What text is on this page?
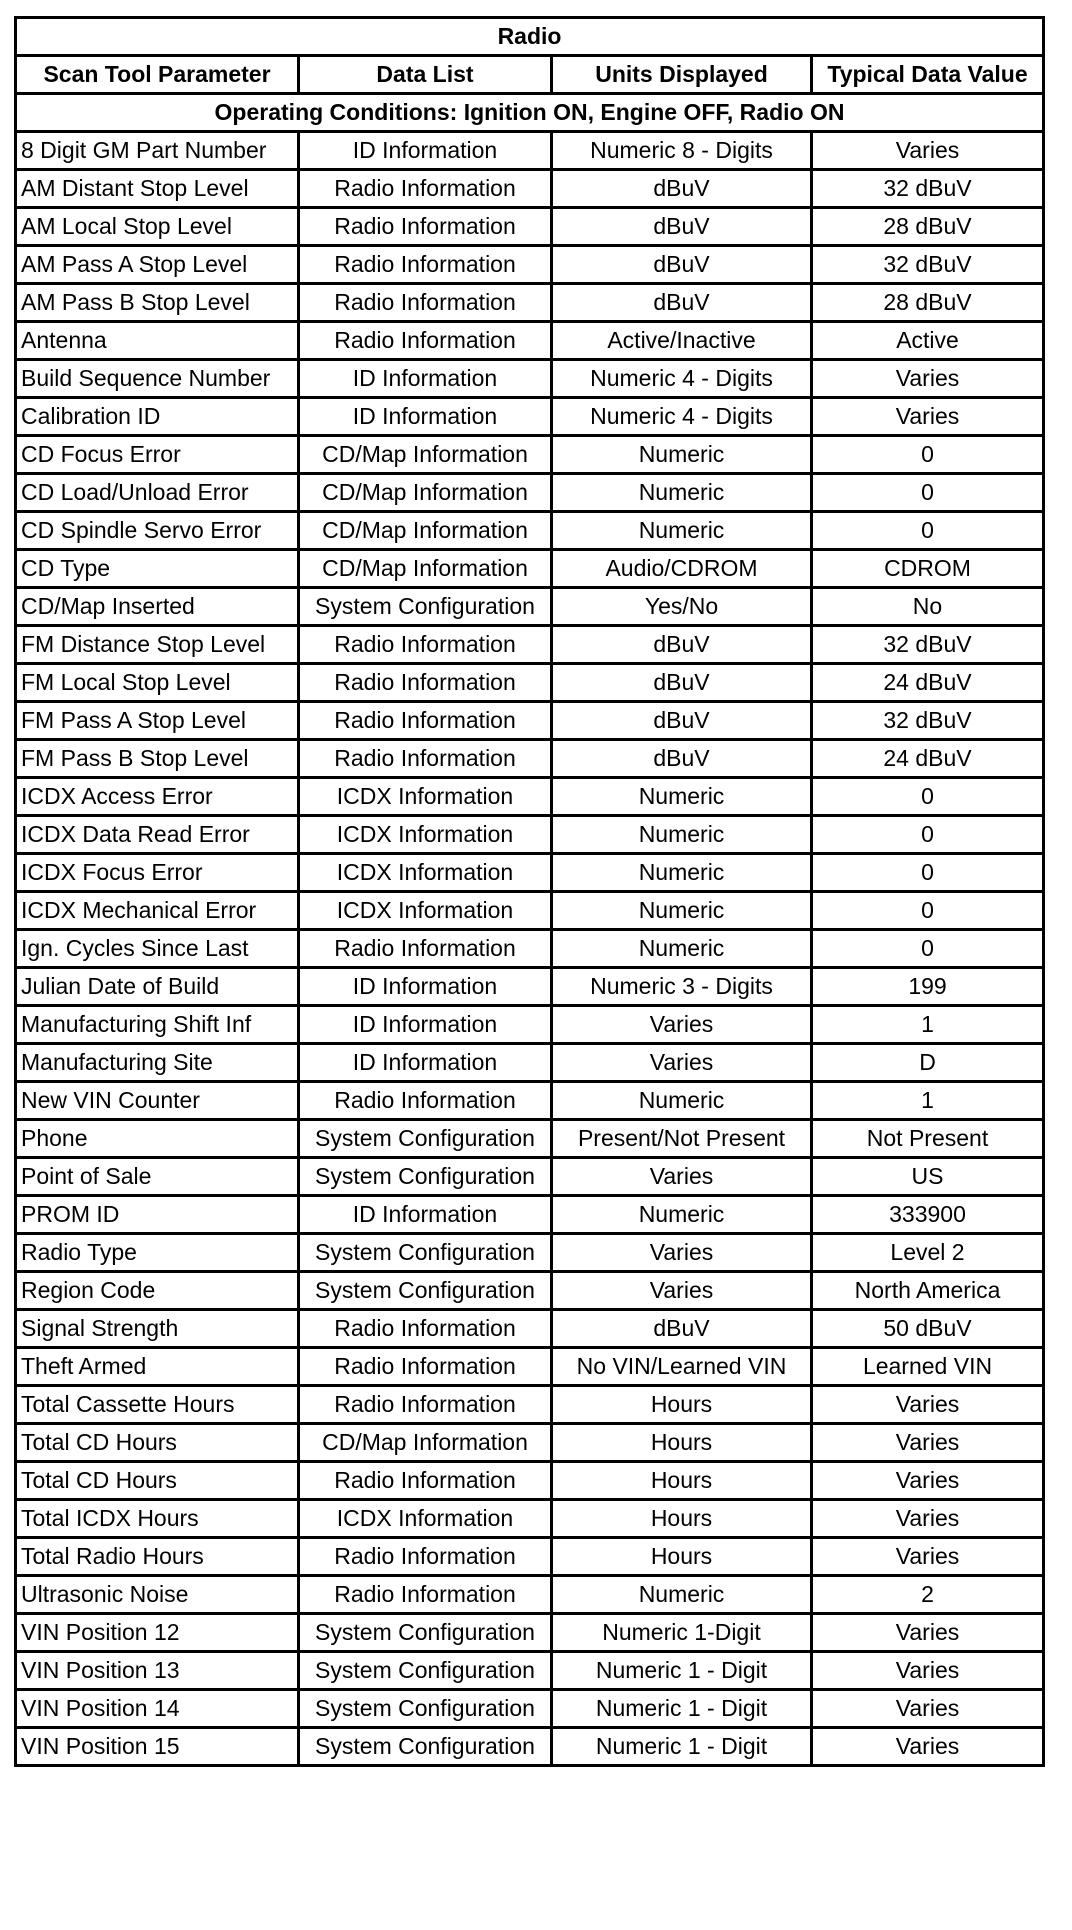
Radio			
Scan Tool Parameter	Data List	Units Displayed	Typical Data Value
Operating Conditions: Ignition ON, Engine OFF, Radio ON			
8 Digit GM Part Number	ID Information	Numeric 8 - Digits	Varies
AM Distant Stop Level	Radio Information	dBuV	32 dBuV
AM Local Stop Level	Radio Information	dBuV	28 dBuV
AM Pass A Stop Level	Radio Information	dBuV	32 dBuV
AM Pass B Stop Level	Radio Information	dBuV	28 dBuV
Antenna	Radio Information	Active/Inactive	Active
Build Sequence Number	ID Information	Numeric 4 - Digits	Varies
Calibration ID	ID Information	Numeric 4 - Digits	Varies
CD Focus Error	CD/Map Information	Numeric	0
CD Load/Unload Error	CD/Map Information	Numeric	0
CD Spindle Servo Error	CD/Map Information	Numeric	0
CD Type	CD/Map Information	Audio/CDROM	CDROM
CD/Map Inserted	System Configuration	Yes/No	No
FM Distance Stop Level	Radio Information	dBuV	32 dBuV
FM Local Stop Level	Radio Information	dBuV	24 dBuV
FM Pass A Stop Level	Radio Information	dBuV	32 dBuV
FM Pass B Stop Level	Radio Information	dBuV	24 dBuV
ICDX Access Error	ICDX Information	Numeric	0
ICDX Data Read Error	ICDX Information	Numeric	0
ICDX Focus Error	ICDX Information	Numeric	0
ICDX Mechanical Error	ICDX Information	Numeric	0
Ign. Cycles Since Last	Radio Information	Numeric	0
Julian Date of Build	ID Information	Numeric 3 - Digits	199
Manufacturing Shift Inf	ID Information	Varies	1
Manufacturing Site	ID Information	Varies	D
New VIN Counter	Radio Information	Numeric	1
Phone	System Configuration	Present/Not Present	Not Present
Point of Sale	System Configuration	Varies	US
PROM ID	ID Information	Numeric	333900
Radio Type	System Configuration	Varies	Level 2
Region Code	System Configuration	Varies	North America
Signal Strength	Radio Information	dBuV	50 dBuV
Theft Armed	Radio Information	No VIN/Learned VIN	Learned VIN
Total Cassette Hours	Radio Information	Hours	Varies
Total CD Hours	CD/Map Information	Hours	Varies
Total CD Hours	Radio Information	Hours	Varies
Total ICDX Hours	ICDX Information	Hours	Varies
Total Radio Hours	Radio Information	Hours	Varies
Ultrasonic Noise	Radio Information	Numeric	2
VIN Position 12	System Configuration	Numeric 1-Digit	Varies
VIN Position 13	System Configuration	Numeric 1 - Digit	Varies
VIN Position 14	System Configuration	Numeric 1 - Digit	Varies
VIN Position 15	System Configuration	Numeric 1 - Digit	Varies
